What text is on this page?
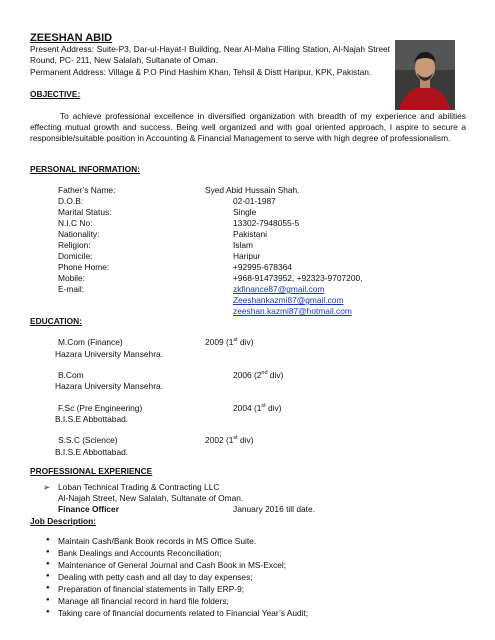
ZEESHAN ABID
Present Address: Suite-P3, Dar-ul-Hayat-I Building, Near Al-Maha Filling Station, Al-Najah Street Round, PC- 211, New Salalah, Sultanate of Oman.
Permanent Address: Village & P.O Pind Hashim Khan, Tehsil & Distt Haripur, KPK, Pakistan.
OBJECTIVE:

To achieve professional excellence in diversified organization with breadth of my experience and abilities effecting mutual growth and success. Being well organized and with goal oriented approach, I aspire to secure a responsible/suitable position in Accounting & Financial Management to serve with high degree of professionalism.

PERSONAL INFORMATION:
Father’s Name:	Syed Abid Hussain Shah.
D.O.B:	02-01-1987
Marital Status:	Single
N.I.C No:	13302-7948055-5
Nationality:	Pakistani
Religion:	Islam
Domicile:	Haripur
Phone Home:	+92995-678364
Mobile:	+968-91473952, +92323-9707200,
E-mail:	zkfinance87@gmail.com
Zeeshankazmi87@gmail.com
zeeshan.kazmi87@hotmail.com
EDUCATION:
M.Com (Finance)	2009 (1st div)
Hazara University Mansehra.
B.Com	2006 (2nd div)
Hazara University Mansehra.
F.Sc (Pre Engineering)	2004 (1st div)
B.I.S.E Abbottabad.
S.S.C (Science)	2002 (1st div)
B.I.S.E Abbottabad.
PROFESSIONAL EXPERIENCE
➢ Loban Technical Trading & Contracting LLC
Al-Najah Street, New Salalah, Sultanate of Oman.
Finance Officer	January 2016 till date.
Job Description:
● Maintain Cash/Bank Book records in MS Office Suite.
● Bank Dealings and Accounts Reconciliation;
● Maintenance of General Journal and Cash Book in MS-Excel;
● Dealing with petty cash and all day to day expenses;
● Preparation of financial statements in Tally ERP-9;
● Manage all financial record in hard file folders;
● Taking care of financial documents related to Financial Year’s Audit;
